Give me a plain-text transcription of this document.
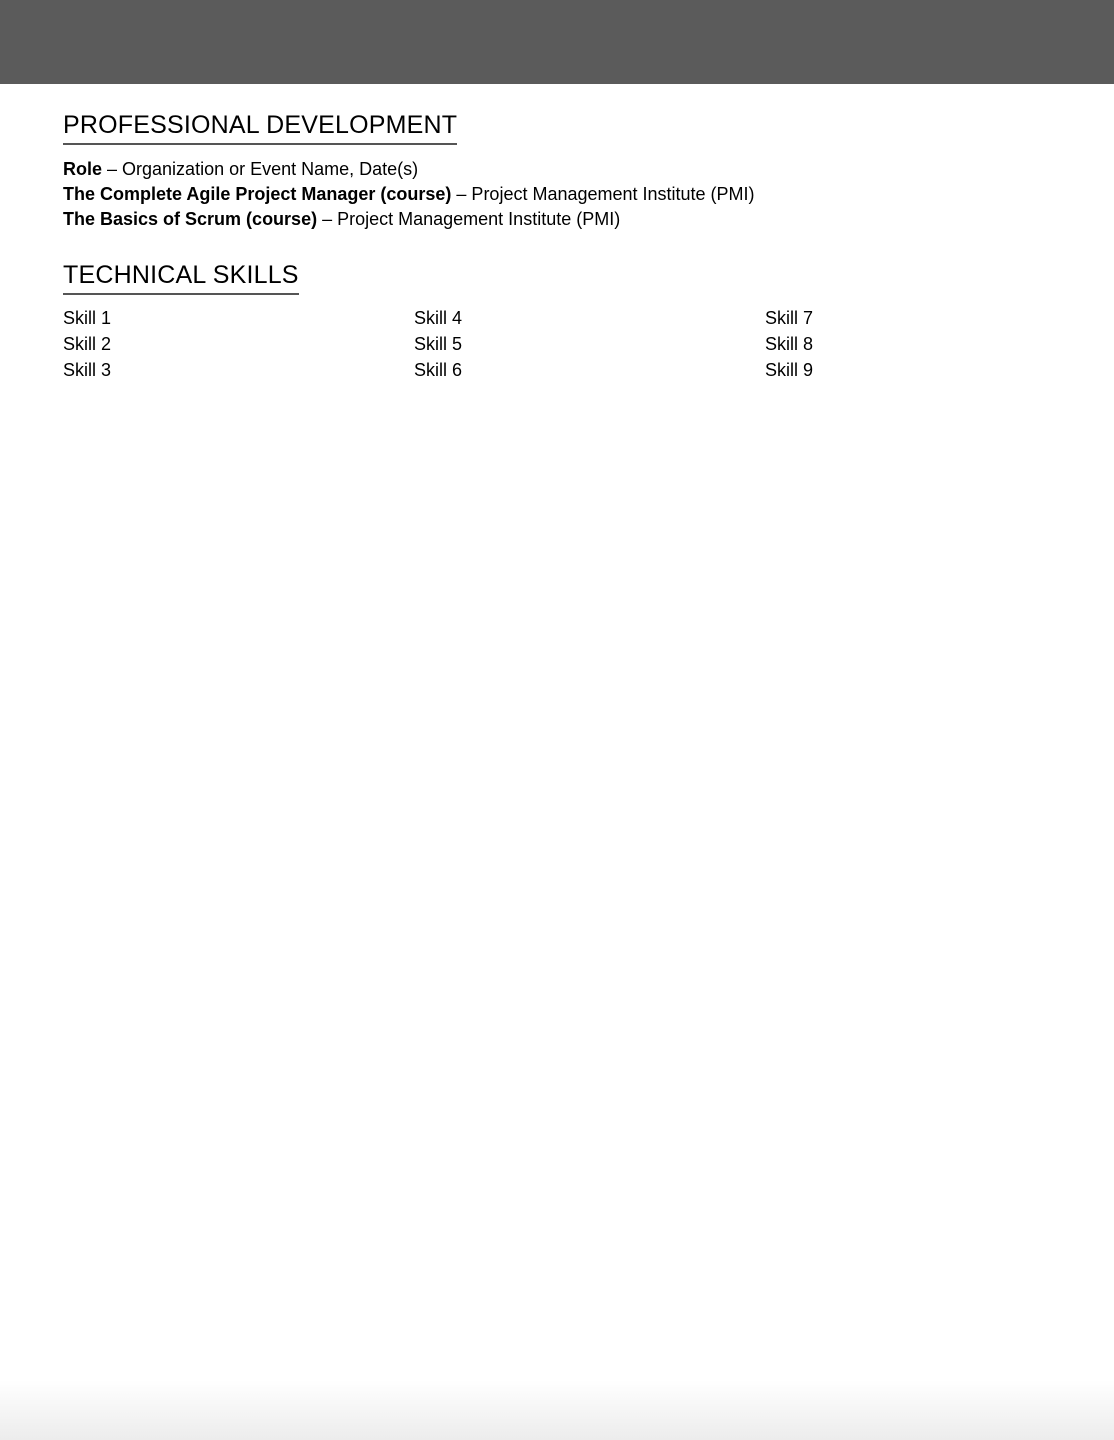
PROFESSIONAL DEVELOPMENT
Role – Organization or Event Name, Date(s)
The Complete Agile Project Manager (course) – Project Management Institute (PMI)
The Basics of Scrum (course) – Project Management Institute (PMI)
TECHNICAL SKILLS
Skill 1
Skill 2
Skill 3
Skill 4
Skill 5
Skill 6
Skill 7
Skill 8
Skill 9
